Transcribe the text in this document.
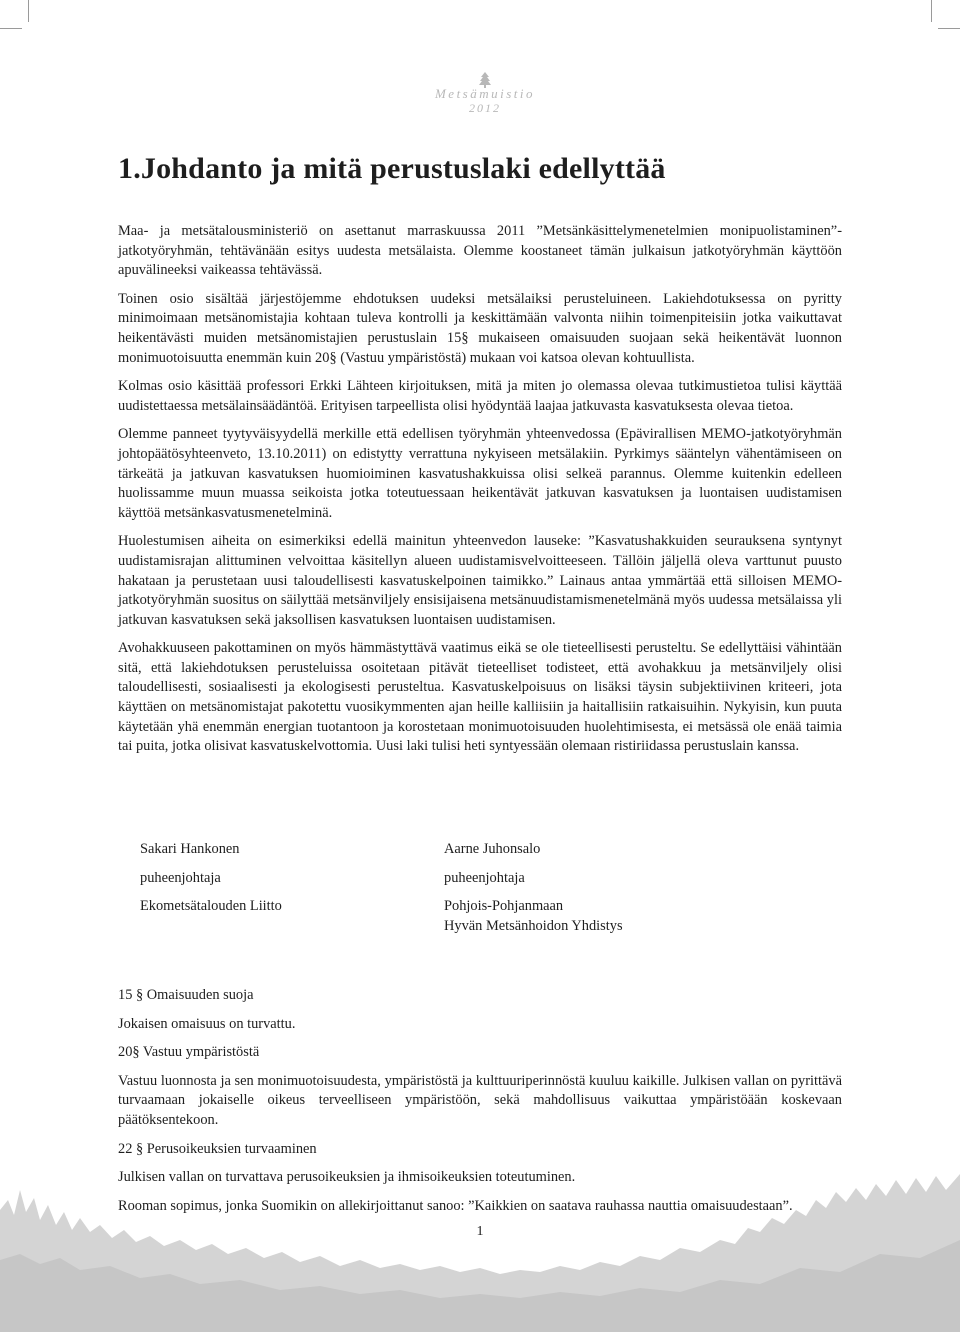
Metsämuistio
2012
1.Johdanto ja mitä perustuslaki edellyttää

Maa- ja metsätalousministeriö on asettanut marraskuussa 2011 ”Metsänkäsittelymenetelmien monipuolistaminen”-jatkotyöryhmän, tehtävänään esitys uudesta metsälaista. Olemme koostaneet tämän julkaisun jatkotyöryhmän käyttöön apuvälineeksi vaikeassa tehtävässä.

Toinen osio sisältää järjestöjemme ehdotuksen uudeksi metsälaiksi perusteluineen. Lakiehdotuksessa on pyritty minimoimaan metsänomistajia kohtaan tuleva kontrolli ja keskittämään valvonta niihin toimenpiteisiin jotka vaikuttavat heikentävästi muiden metsänomistajien perustuslain 15§ mukaiseen omaisuuden suojaan sekä heikentävät luonnon monimuotoisuutta enemmän kuin 20§ (Vastuu ympäristöstä) mukaan voi katsoa olevan kohtuullista.

Kolmas osio käsittää professori Erkki Lähteen kirjoituksen, mitä ja miten jo olemassa olevaa tutkimustietoa tulisi käyttää uudistettaessa metsälainsäädäntöä. Erityisen tarpeellista olisi hyödyntää laajaa jatkuvasta kasvatuksesta olevaa tietoa.

Olemme panneet tyytyväisyydellä merkille että edellisen työryhmän yhteenvedossa (Epävirallisen MEMO-jatkotyöryhmän johtopäätösyhteenveto, 13.10.2011) on edistytty verrattuna nykyiseen metsälakiin. Pyrkimys sääntelyn vähentämiseen on tärkeätä ja jatkuvan kasvatuksen huomioiminen kasvatushakkuissa olisi selkeä parannus. Olemme kuitenkin edelleen huolissamme muun muassa seikoista jotka toteutuessaan heikentävät jatkuvan kasvatuksen ja luontaisen uudistamisen käyttöä metsänkasvatusmenetelminä.

Huolestumisen aiheita on esimerkiksi edellä mainitun yhteenvedon lauseke: ”Kasvatushakkuiden seurauksena syntynyt uudistamisrajan alittuminen velvoittaa käsitellyn alueen uudistamisvelvoitteeseen. Tällöin jäljellä oleva varttunut puusto hakataan ja perustetaan uusi taloudellisesti kasvatuskelpoinen taimikko.” Lainaus antaa ymmärtää että silloisen MEMO-jatkotyöryhmän suositus on säilyttää metsänviljely ensisijaisena metsänuudistamismenetelmänä myös uudessa metsälaissa yli jatkuvan kasvatuksen sekä jaksollisen kasvatuksen luontaisen uudistamisen.

Avohakkuuseen pakottaminen on myös hämmästyttävä vaatimus eikä se ole tieteellisesti perusteltu. Se edellyttäisi vähintään sitä, että lakiehdotuksen perusteluissa osoitetaan pitävät tieteelliset todisteet, että avohakkuu ja metsänviljely olisi taloudellisesti, sosiaalisesti ja ekologisesti perusteltua. Kasvatuskelpoisuus on lisäksi täysin subjektiivinen kriteeri, jota käyttäen on metsänomistajat pakotettu vuosikymmenten ajan heille kalliisiin ja haitallisiin ratkaisuihin. Nykyisin, kun puuta käytetään yhä enemmän energian tuotantoon ja korostetaan monimuotoisuuden huolehtimisesta, ei metsässä ole enää taimia tai puita, jotka olisivat kasvatuskelvottomia. Uusi laki tulisi heti syntyessään olemaan ristiriidassa perustuslain kanssa.

Sakari Hankonen
puheenjohtaja
Ekometsätalouden Liitto
Aarne Juhonsalo
puheenjohtaja
Pohjois-Pohjanmaan
Hyvän Metsänhoidon Yhdistys

15 § Omaisuuden suoja

Jokaisen omaisuus on turvattu.

20§ Vastuu ympäristöstä

Vastuu luonnosta ja sen monimuotoisuudesta, ympäristöstä ja kulttuuriperinnöstä kuuluu kaikille. Julkisen vallan on pyrittävä turvaamaan jokaiselle oikeus terveelliseen ympäristöön, sekä mahdollisuus vaikuttaa ympäristöään koskevaan päätöksentekoon.

22 § Perusoikeuksien turvaaminen

Julkisen vallan on turvattava perusoikeuksien ja ihmisoikeuksien toteutuminen.

Rooman sopimus, jonka Suomikin on allekirjoittanut sanoo: ”Kaikkien on saatava rauhassa nauttia omaisuudestaan”.

1
